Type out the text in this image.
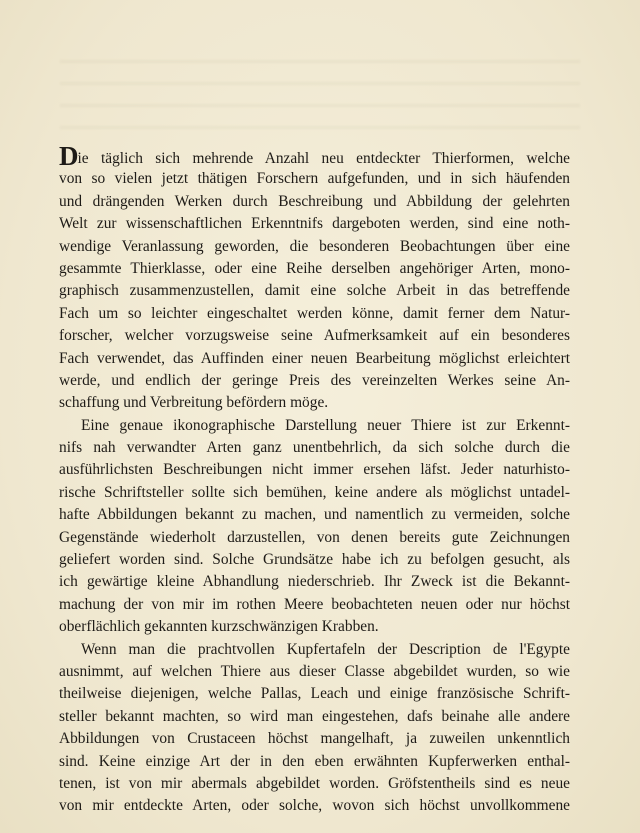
Die täglich sich mehrende Anzahl neu entdeckter Thierformen, welche
von so vielen jetzt thätigen Forschern aufgefunden, und in sich häufenden
und drängenden Werken durch Beschreibung und Abbildung der gelehrten
Welt zur wissenschaftlichen Erkenntnifs dargeboten werden, sind eine noth-
wendige Veranlassung geworden, die besonderen Beobachtungen über eine
gesammte Thierklasse, oder eine Reihe derselben angehöriger Arten, mono-
graphisch zusammenzustellen, damit eine solche Arbeit in das betreffende
Fach um so leichter eingeschaltet werden könne, damit ferner dem Natur-
forscher, welcher vorzugsweise seine Aufmerksamkeit auf ein besonderes
Fach verwendet, das Auffinden einer neuen Bearbeitung möglichst erleichtert
werde, und endlich der geringe Preis des vereinzelten Werkes seine An-
schaffung und Verbreitung befördern möge.
Eine genaue ikonographische Darstellung neuer Thiere ist zur Erkennt-
nifs nah verwandter Arten ganz unentbehrlich, da sich solche durch die
ausführlichsten Beschreibungen nicht immer ersehen läfst. Jeder naturhisto-
rische Schriftsteller sollte sich bemühen, keine andere als möglichst untadel-
hafte Abbildungen bekannt zu machen, und namentlich zu vermeiden, solche
Gegenstände wiederholt darzustellen, von denen bereits gute Zeichnungen
geliefert worden sind. Solche Grundsätze habe ich zu befolgen gesucht, als
ich gewärtige kleine Abhandlung niederschrieb. Ihr Zweck ist die Bekannt-
machung der von mir im rothen Meere beobachteten neuen oder nur höchst
oberflächlich gekannten kurzschwänzigen Krabben.
Wenn man die prachtvollen Kupfertafeln der Description de l'Egypte
ausnimmt, auf welchen Thiere aus dieser Classe abgebildet wurden, so wie
theilweise diejenigen, welche Pallas, Leach und einige französische Schrift-
steller bekannt machten, so wird man eingestehen, dafs beinahe alle andere
Abbildungen von Crustaceen höchst mangelhaft, ja zuweilen unkenntlich
sind. Keine einzige Art der in den eben erwähnten Kupferwerken enthal-
tenen, ist von mir abermals abgebildet worden. Gröfstentheils sind es neue
von mir entdeckte Arten, oder solche, wovon sich höchst unvollkommene
